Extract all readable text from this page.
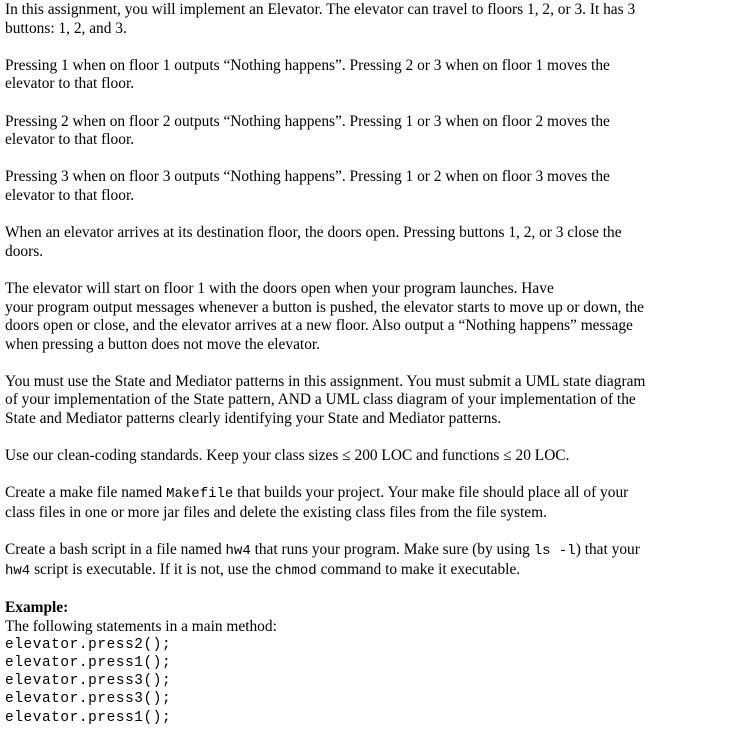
In this assignment, you will implement an Elevator. The elevator can travel to floors 1, 2, or 3. It has 3
buttons: 1, 2, and 3.

Pressing 1 when on floor 1 outputs “Nothing happens”. Pressing 2 or 3 when on floor 1 moves the
elevator to that floor.

Pressing 2 when on floor 2 outputs “Nothing happens”. Pressing 1 or 3 when on floor 2 moves the
elevator to that floor.

Pressing 3 when on floor 3 outputs “Nothing happens”. Pressing 1 or 2 when on floor 3 moves the
elevator to that floor.

When an elevator arrives at its destination floor, the doors open. Pressing buttons 1, 2, or 3 close the
doors.

The elevator will start on floor 1 with the doors open when your program launches. Have
your program output messages whenever a button is pushed, the elevator starts to move up or down, the
doors open or close, and the elevator arrives at a new floor. Also output a “Nothing happens” message
when pressing a button does not move the elevator.

You must use the State and Mediator patterns in this assignment. You must submit a UML state diagram
of your implementation of the State pattern, AND a UML class diagram of your implementation of the
State and Mediator patterns clearly identifying your State and Mediator patterns.

Use our clean-coding standards. Keep your class sizes ≤ 200 LOC and functions ≤ 20 LOC.

Create a make file named Makefile that builds your project. Your make file should place all of your
class files in one or more jar files and delete the existing class files from the file system.

Create a bash script in a file named hw4 that runs your program. Make sure (by using ls -l) that your
hw4 script is executable. If it is not, use the chmod command to make it executable.

Example:
The following statements in a main method:
elevator.press2();
elevator.press1();
elevator.press3();
elevator.press3();
elevator.press1();
